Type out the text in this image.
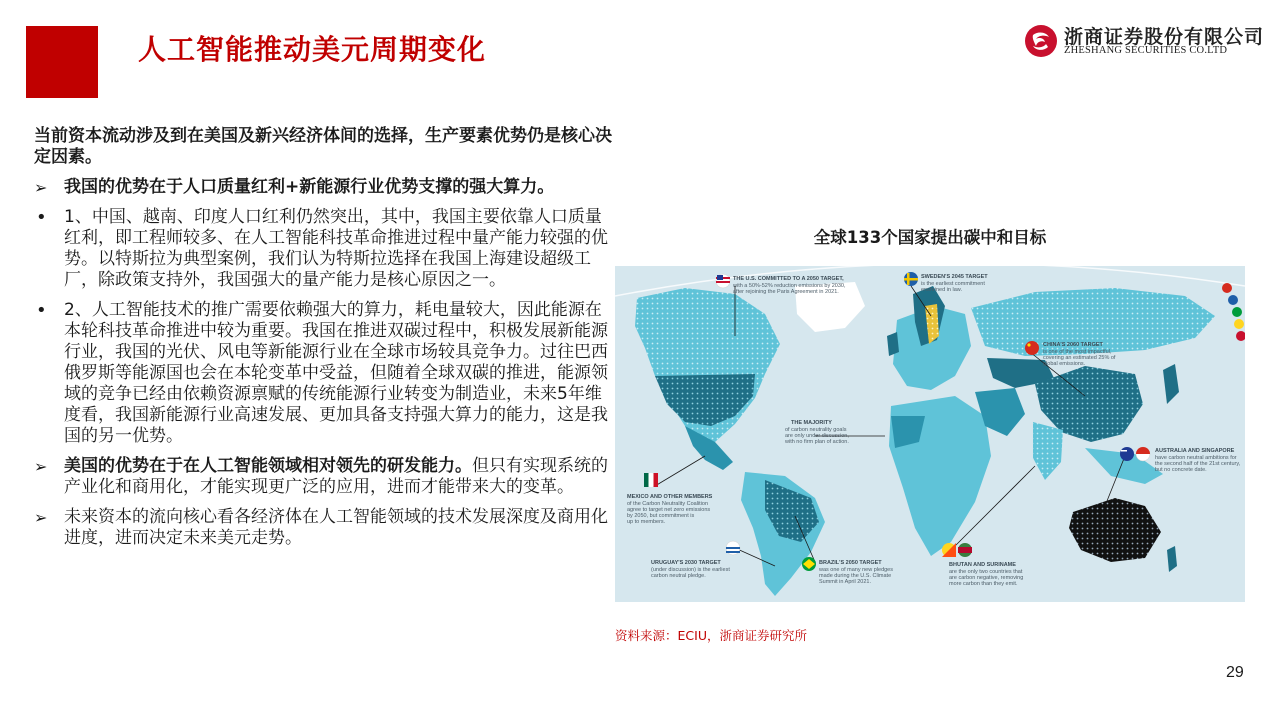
人工智能推动美元周期变化	浙商证券股份有限公司
ZHESHANG SECURITIES CO.LTD

当前资本流动涉及到在美国及新兴经济体间的选择，生产要素优势仍是核心决定因素。

➢ 我国的优势在于人口质量红利+新能源行业优势支撑的强大算力。
• 1、中国、越南、印度人口红利仍然突出，其中，我国主要依靠人口质量红利，即工程师较多、在人工智能科技革命推进过程中量产能力较强的优势。以特斯拉为典型案例，我们认为特斯拉选择在我国上海建设超级工厂，除政策支持外，我国强大的量产能力是核心原因之一。
• 2、人工智能技术的推广需要依赖强大的算力，耗电量较大，因此能源在本轮科技革命推进中较为重要。我国在推进双碳过程中，积极发展新能源行业，我国的光伏、风电等新能源行业在全球市场较具竞争力。过往巴西俄罗斯等能源国也会在本轮变革中受益，但随着全球双碳的推进，能源领域的竞争已经由依赖资源禀赋的传统能源行业转变为制造业，未来5年维度看，我国新能源行业高速发展、更加具备支持强大算力的能力，这是我国的另一优势。
➢ 美国的优势在于在人工智能领域相对领先的研发能力。但只有实现系统的产业化和商用化，才能实现更广泛的应用，进而才能带来大的变革。
➢ 未来资本的流向核心看各经济体在人工智能领域的技术发展深度及商用化进度，进而决定未来美元走势。
全球133个国家提出碳中和目标
THE U.S. COMMITTED TO A 2050 TARGET,
with a 50%-52% reduction emissions by 2030,
after rejoining the Paris Agreement in 2021.
SWEDEN'S 2045 TARGET
is the earliest commitment
enshrined in law.
CHINA'S 2060 TARGET
is one of the most impactful,
covering an estimated 25% of
global emissions.
THE MAJORITY
of carbon neutrality goals
are only under discussion,
with no firm plan of action.
AUSTRALIA AND SINGAPORE
have carbon neutral ambitions for
the second half of the 21st century,
but no concrete date.
MEXICO AND OTHER MEMBERS
of the Carbon Neutrality Coalition
agree to target net zero emissions
by 2050, but commitment is
up to members.
URUGUAY'S 2030 TARGET
(under discussion) is the earliest
carbon neutral pledge.
BRAZIL'S 2050 TARGET
was one of many new pledges
made during the U.S. Climate
Summit in April 2021.
BHUTAN AND SURINAME
are the only two countries that
are carbon negative, removing
more carbon than they emit.
资料来源：ECIU，浙商证券研究所
29
